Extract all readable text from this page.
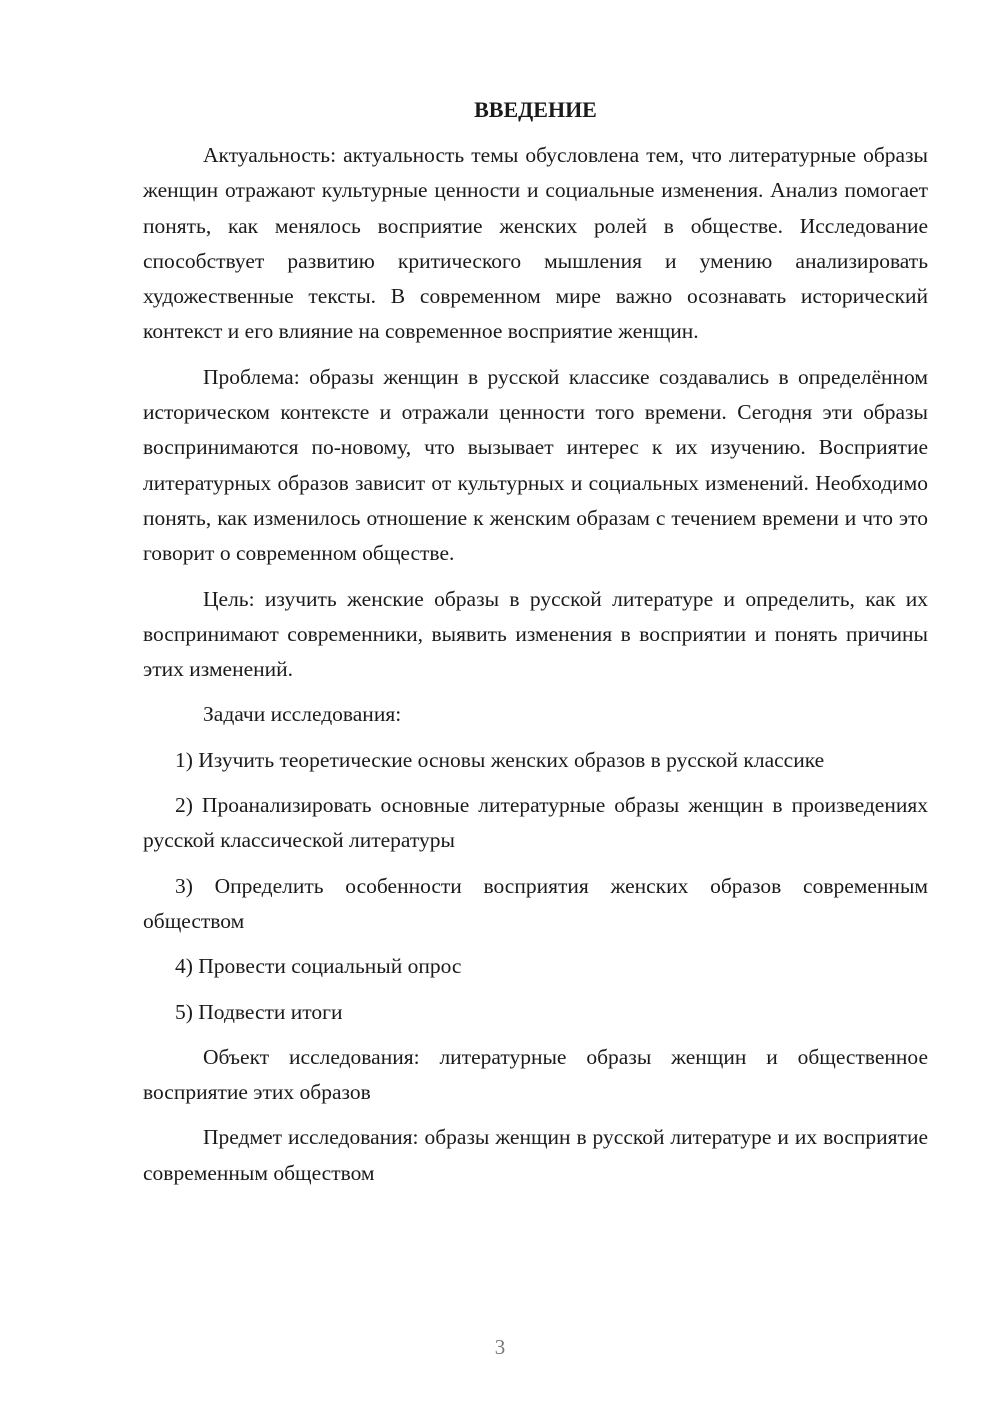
ВВЕДЕНИЕ

Актуальность: актуальность темы обусловлена тем, что литературные образы женщин отражают культурные ценности и социальные изменения. Анализ помогает понять, как менялось восприятие женских ролей в обществе. Исследование способствует развитию критического мышления и умению анализировать художественные тексты. В современном мире важно осознавать исторический контекст и его влияние на современное восприятие женщин.

Проблема: образы женщин в русской классике создавались в определённом историческом контексте и отражали ценности того времени. Сегодня эти образы воспринимаются по-новому, что вызывает интерес к их изучению. Восприятие литературных образов зависит от культурных и социальных изменений. Необходимо понять, как изменилось отношение к женским образам с течением времени и что это говорит о современном обществе.

Цель: изучить женские образы в русской литературе и определить, как их воспринимают современники, выявить изменения в восприятии и понять причины этих изменений.

Задачи исследования:

1) Изучить теоретические основы женских образов в русской классике

2) Проанализировать основные литературные образы женщин в произведениях русской классической литературы

3) Определить особенности восприятия женских образов современным обществом

4) Провести социальный опрос

5) Подвести итоги

Объект исследования: литературные образы женщин и общественное восприятие этих образов

Предмет исследования: образы женщин в русской литературе и их восприятие современным обществом

3
